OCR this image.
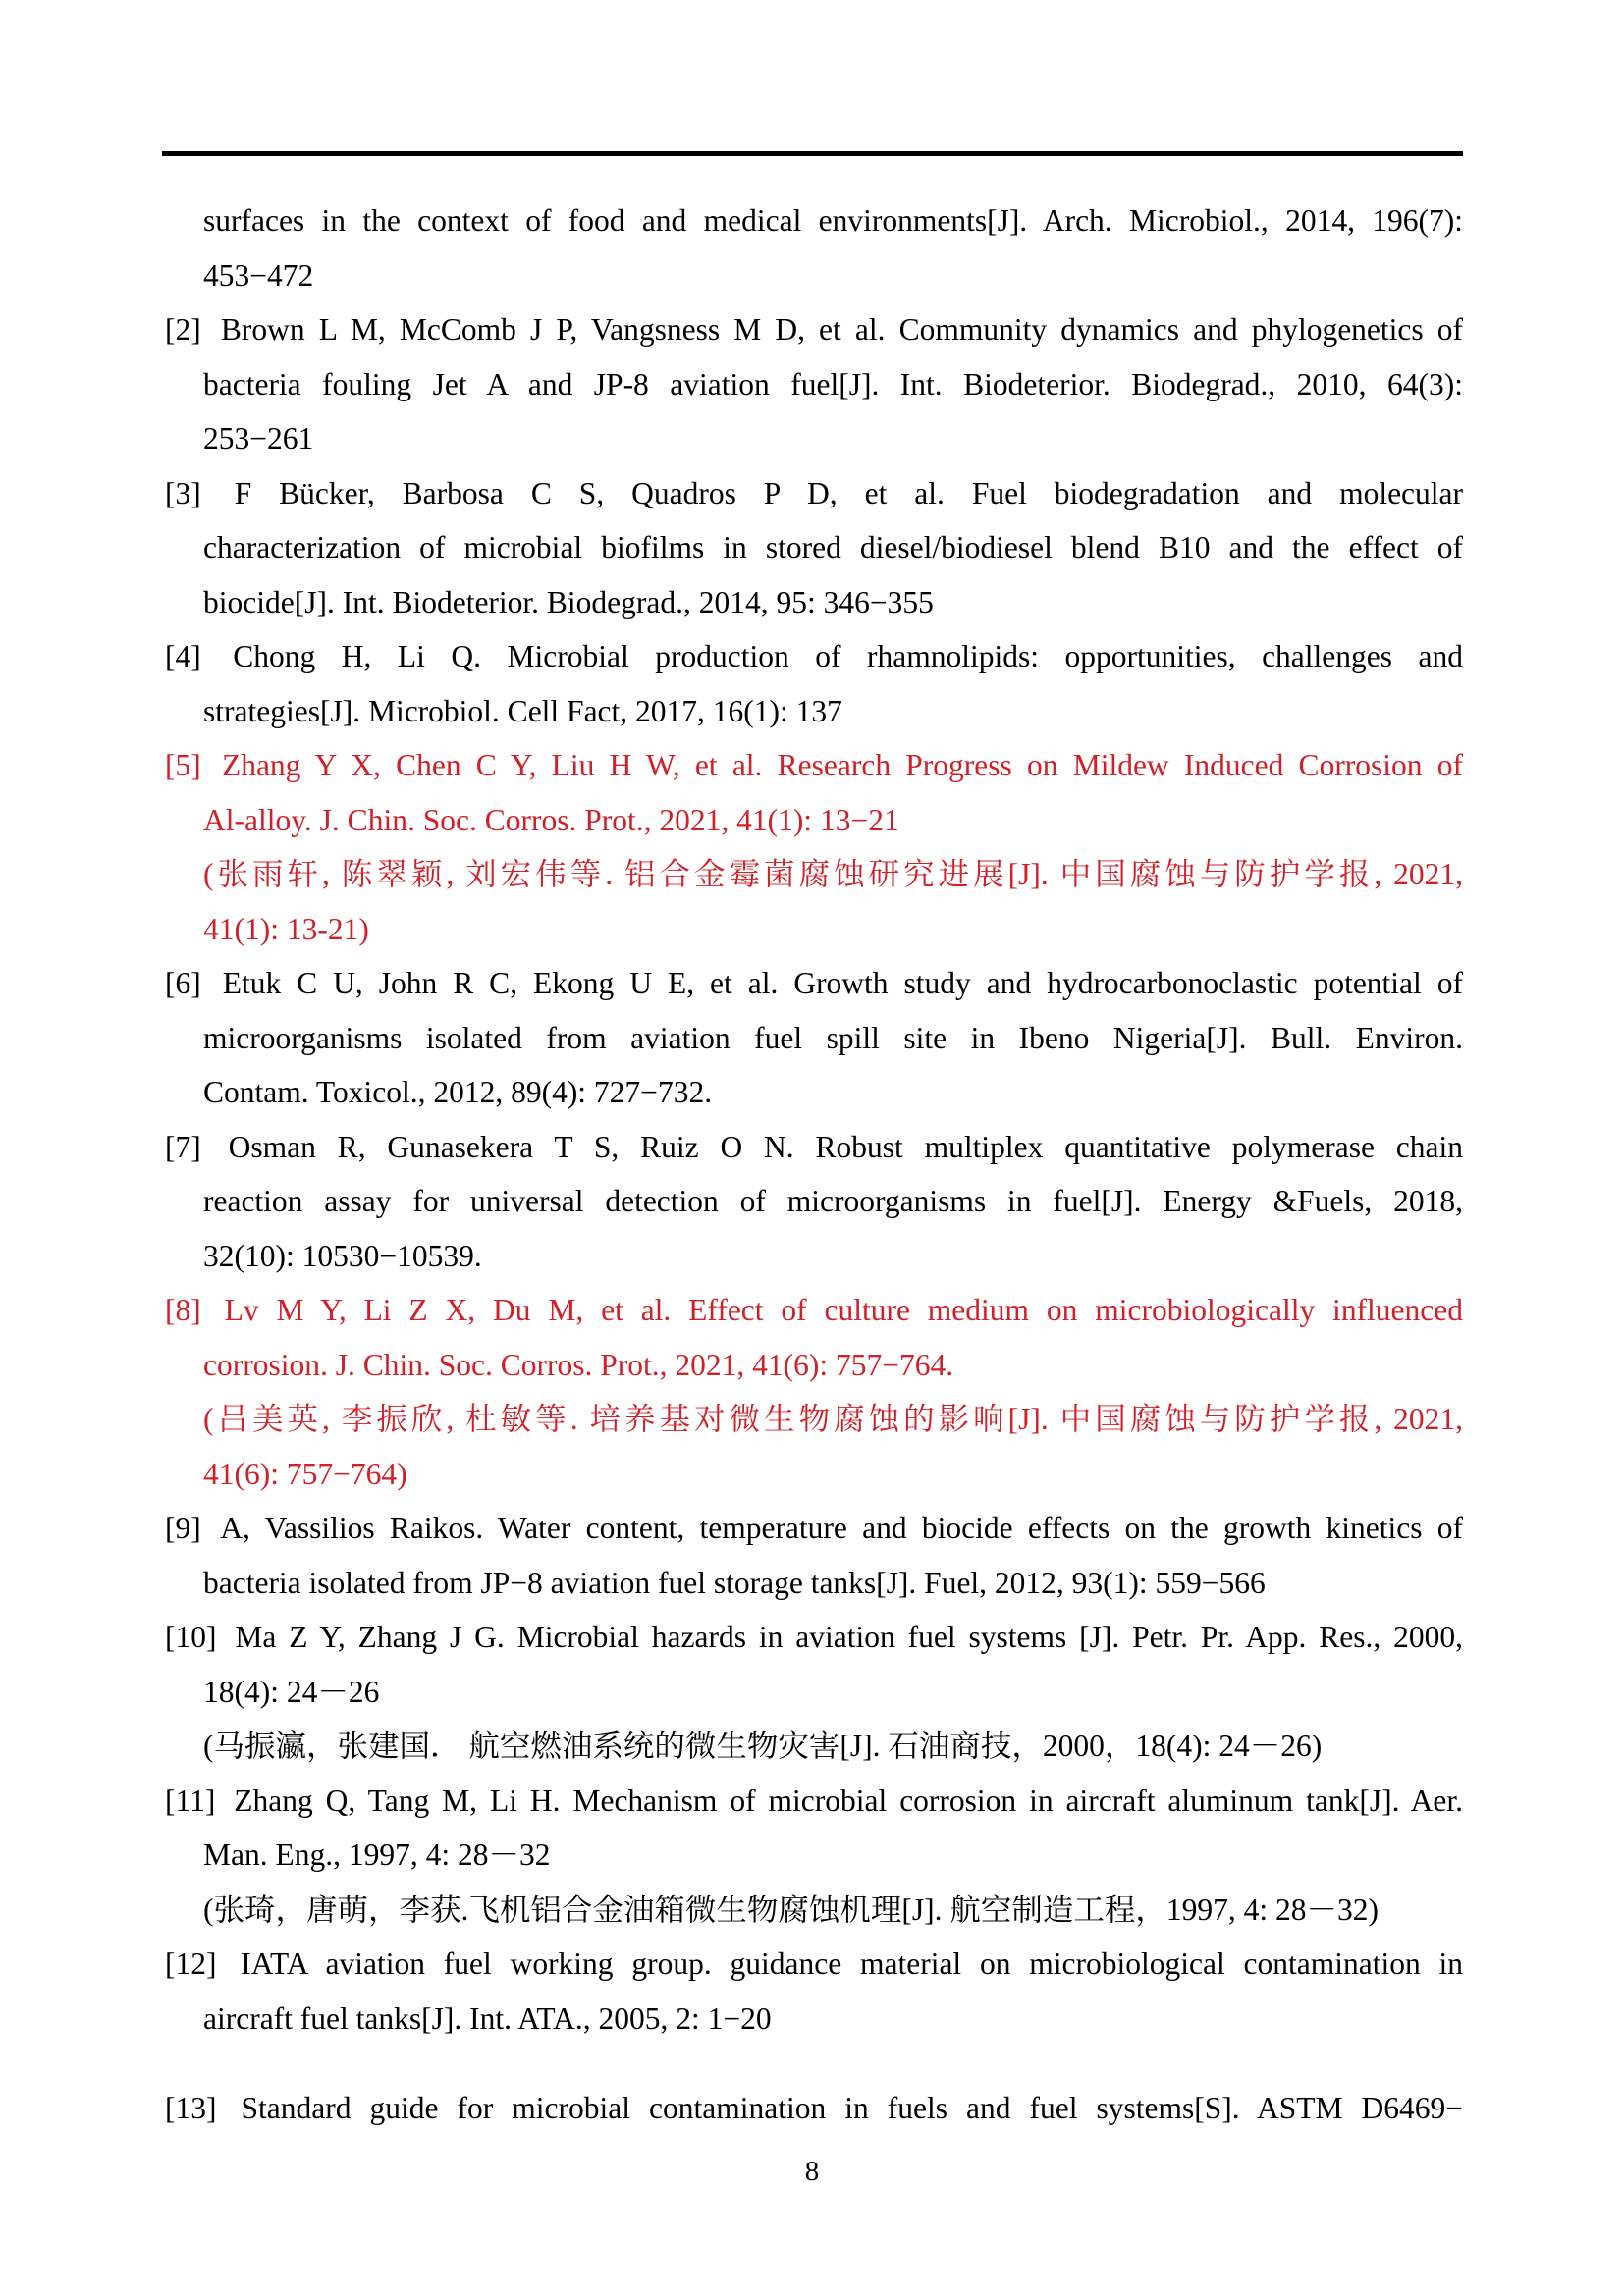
surfaces in the context of food and medical environments[J]. Arch. Microbiol., 2014, 196(7):
453−472
[2] Brown L M, McComb J P, Vangsness M D, et al. Community dynamics and phylogenetics of
bacteria fouling Jet A and JP-8 aviation fuel[J]. Int. Biodeterior. Biodegrad., 2010, 64(3):
253−261
[3] F Bücker, Barbosa C S, Quadros P D, et al. Fuel biodegradation and molecular
characterization of microbial biofilms in stored diesel/biodiesel blend B10 and the effect of
biocide[J]. Int. Biodeterior. Biodegrad., 2014, 95: 346−355
[4] Chong H, Li Q. Microbial production of rhamnolipids: opportunities, challenges and
strategies[J]. Microbiol. Cell Fact, 2017, 16(1): 137
[5] Zhang Y X, Chen C Y, Liu H W, et al. Research Progress on Mildew Induced Corrosion of
Al-alloy. J. Chin. Soc. Corros. Prot., 2021, 41(1): 13−21
(张雨轩, 陈翠颖, 刘宏伟等. 铝合金霉菌腐蚀研究进展[J]. 中国腐蚀与防护学报, 2021,
41(1): 13-21)
[6] Etuk C U, John R C, Ekong U E, et al. Growth study and hydrocarbonoclastic potential of
microorganisms isolated from aviation fuel spill site in Ibeno Nigeria[J]. Bull. Environ.
Contam. Toxicol., 2012, 89(4): 727−732.
[7] Osman R, Gunasekera T S, Ruiz O N. Robust multiplex quantitative polymerase chain
reaction assay for universal detection of microorganisms in fuel[J]. Energy &Fuels, 2018,
32(10): 10530−10539.
[8] Lv M Y, Li Z X, Du M, et al. Effect of culture medium on microbiologically influenced
corrosion. J. Chin. Soc. Corros. Prot., 2021, 41(6): 757−764.
(吕美英, 李振欣, 杜敏等. 培养基对微生物腐蚀的影响[J]. 中国腐蚀与防护学报, 2021,
41(6): 757−764)
[9] A, Vassilios Raikos. Water content, temperature and biocide effects on the growth kinetics of
bacteria isolated from JP−8 aviation fuel storage tanks[J]. Fuel, 2012, 93(1): 559−566
[10] Ma Z Y, Zhang J G. Microbial hazards in aviation fuel systems [J]. Petr. Pr. App. Res., 2000,
18(4): 24－26
(马振瀛，张建国． 航空燃油系统的微生物灾害[J]. 石油商技，2000，18(4): 24－26)
[11] Zhang Q, Tang M, Li H. Mechanism of microbial corrosion in aircraft aluminum tank[J]. Aer.
Man. Eng., 1997, 4: 28－32
(张琦，唐萌，李获.飞机铝合金油箱微生物腐蚀机理[J]. 航空制造工程，1997, 4: 28－32)
[12] IATA aviation fuel working group. guidance material on microbiological contamination in
aircraft fuel tanks[J]. Int. ATA., 2005, 2: 1−20
[13] Standard guide for microbial contamination in fuels and fuel systems[S]. ASTM D6469−
8
